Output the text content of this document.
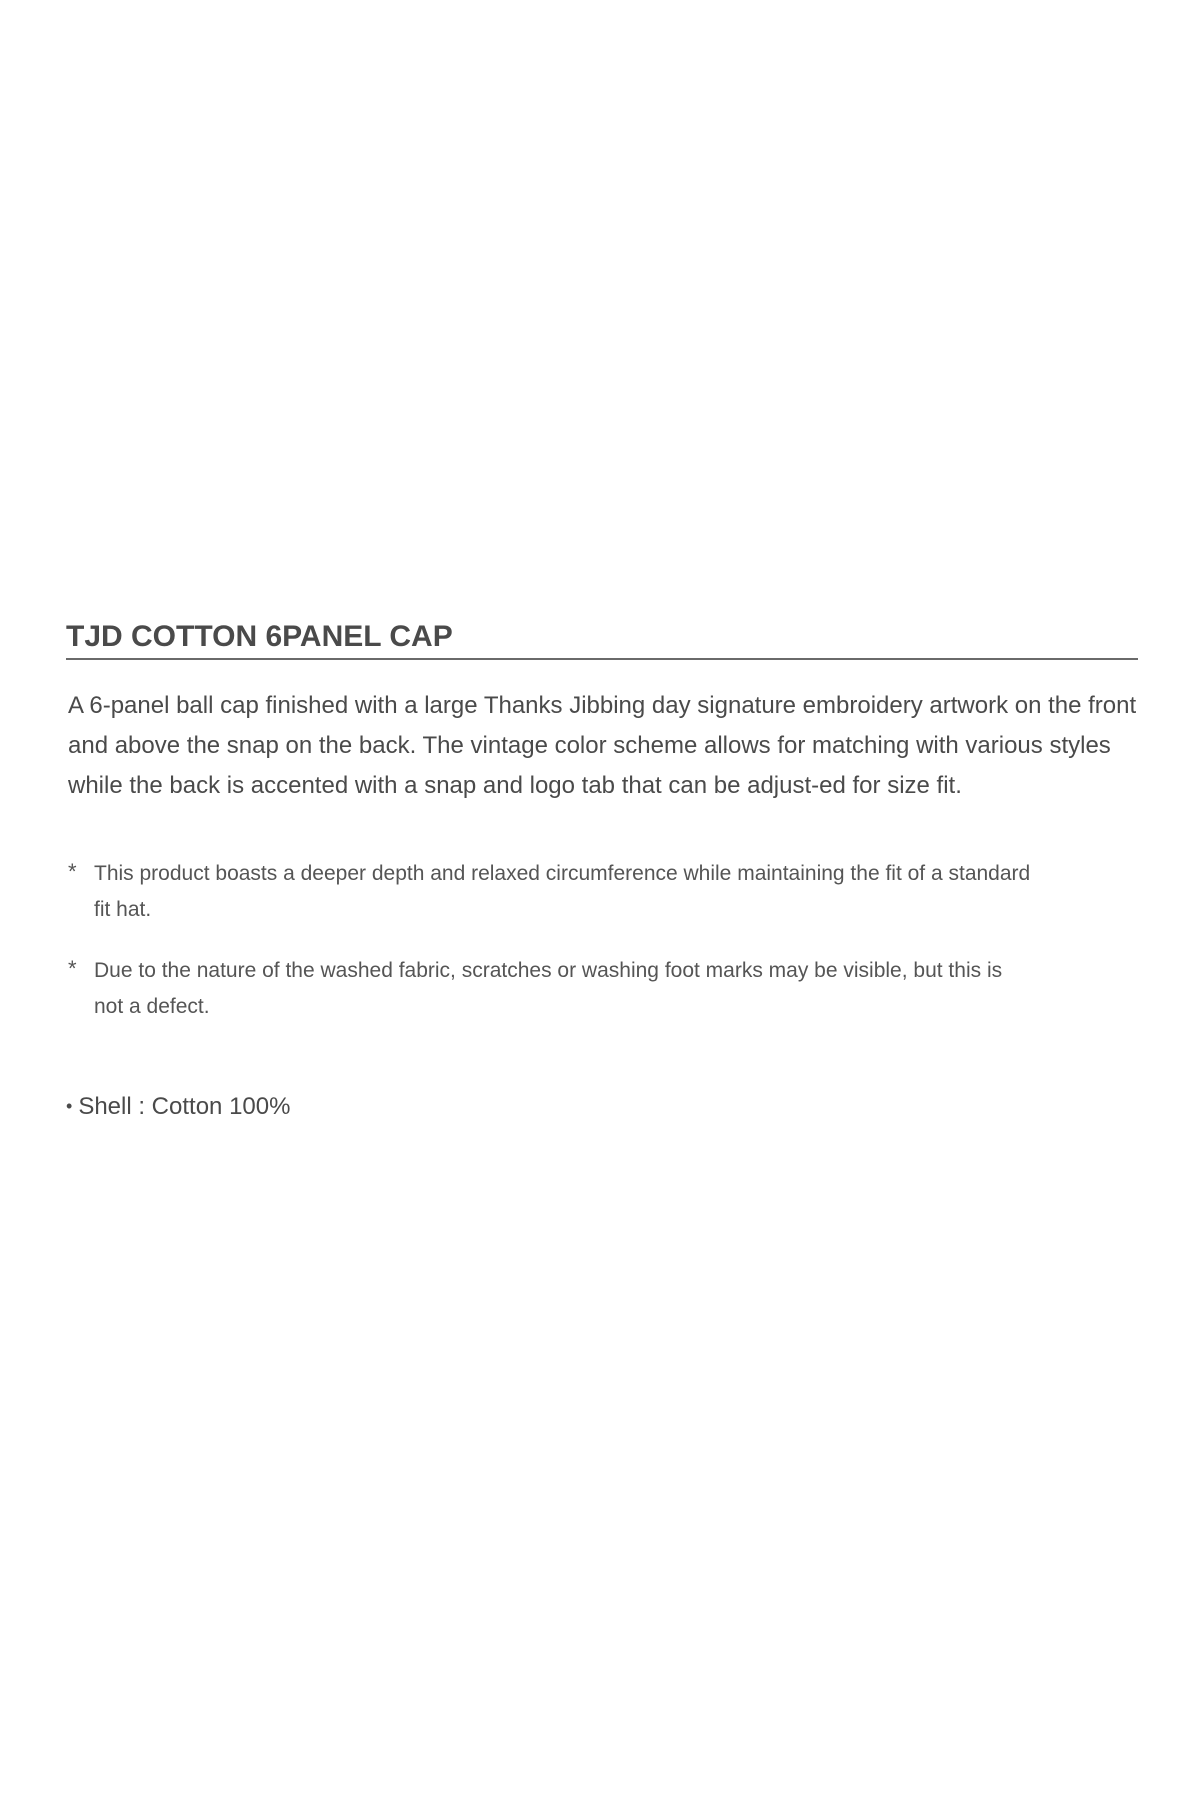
TJD COTTON 6PANEL CAP

A 6-panel ball cap finished with a large Thanks Jibbing day signature embroidery artwork on the front and above the snap on the back. The vintage color scheme allows for matching with various styles while the back is accented with a snap and logo tab that can be adjust-ed for size fit.

* This product boasts a deeper depth and relaxed circumference while maintaining the fit of a standard fit hat.
* Due to the nature of the washed fabric, scratches or washing foot marks may be visible, but this is not a defect.
• Shell : Cotton 100%
